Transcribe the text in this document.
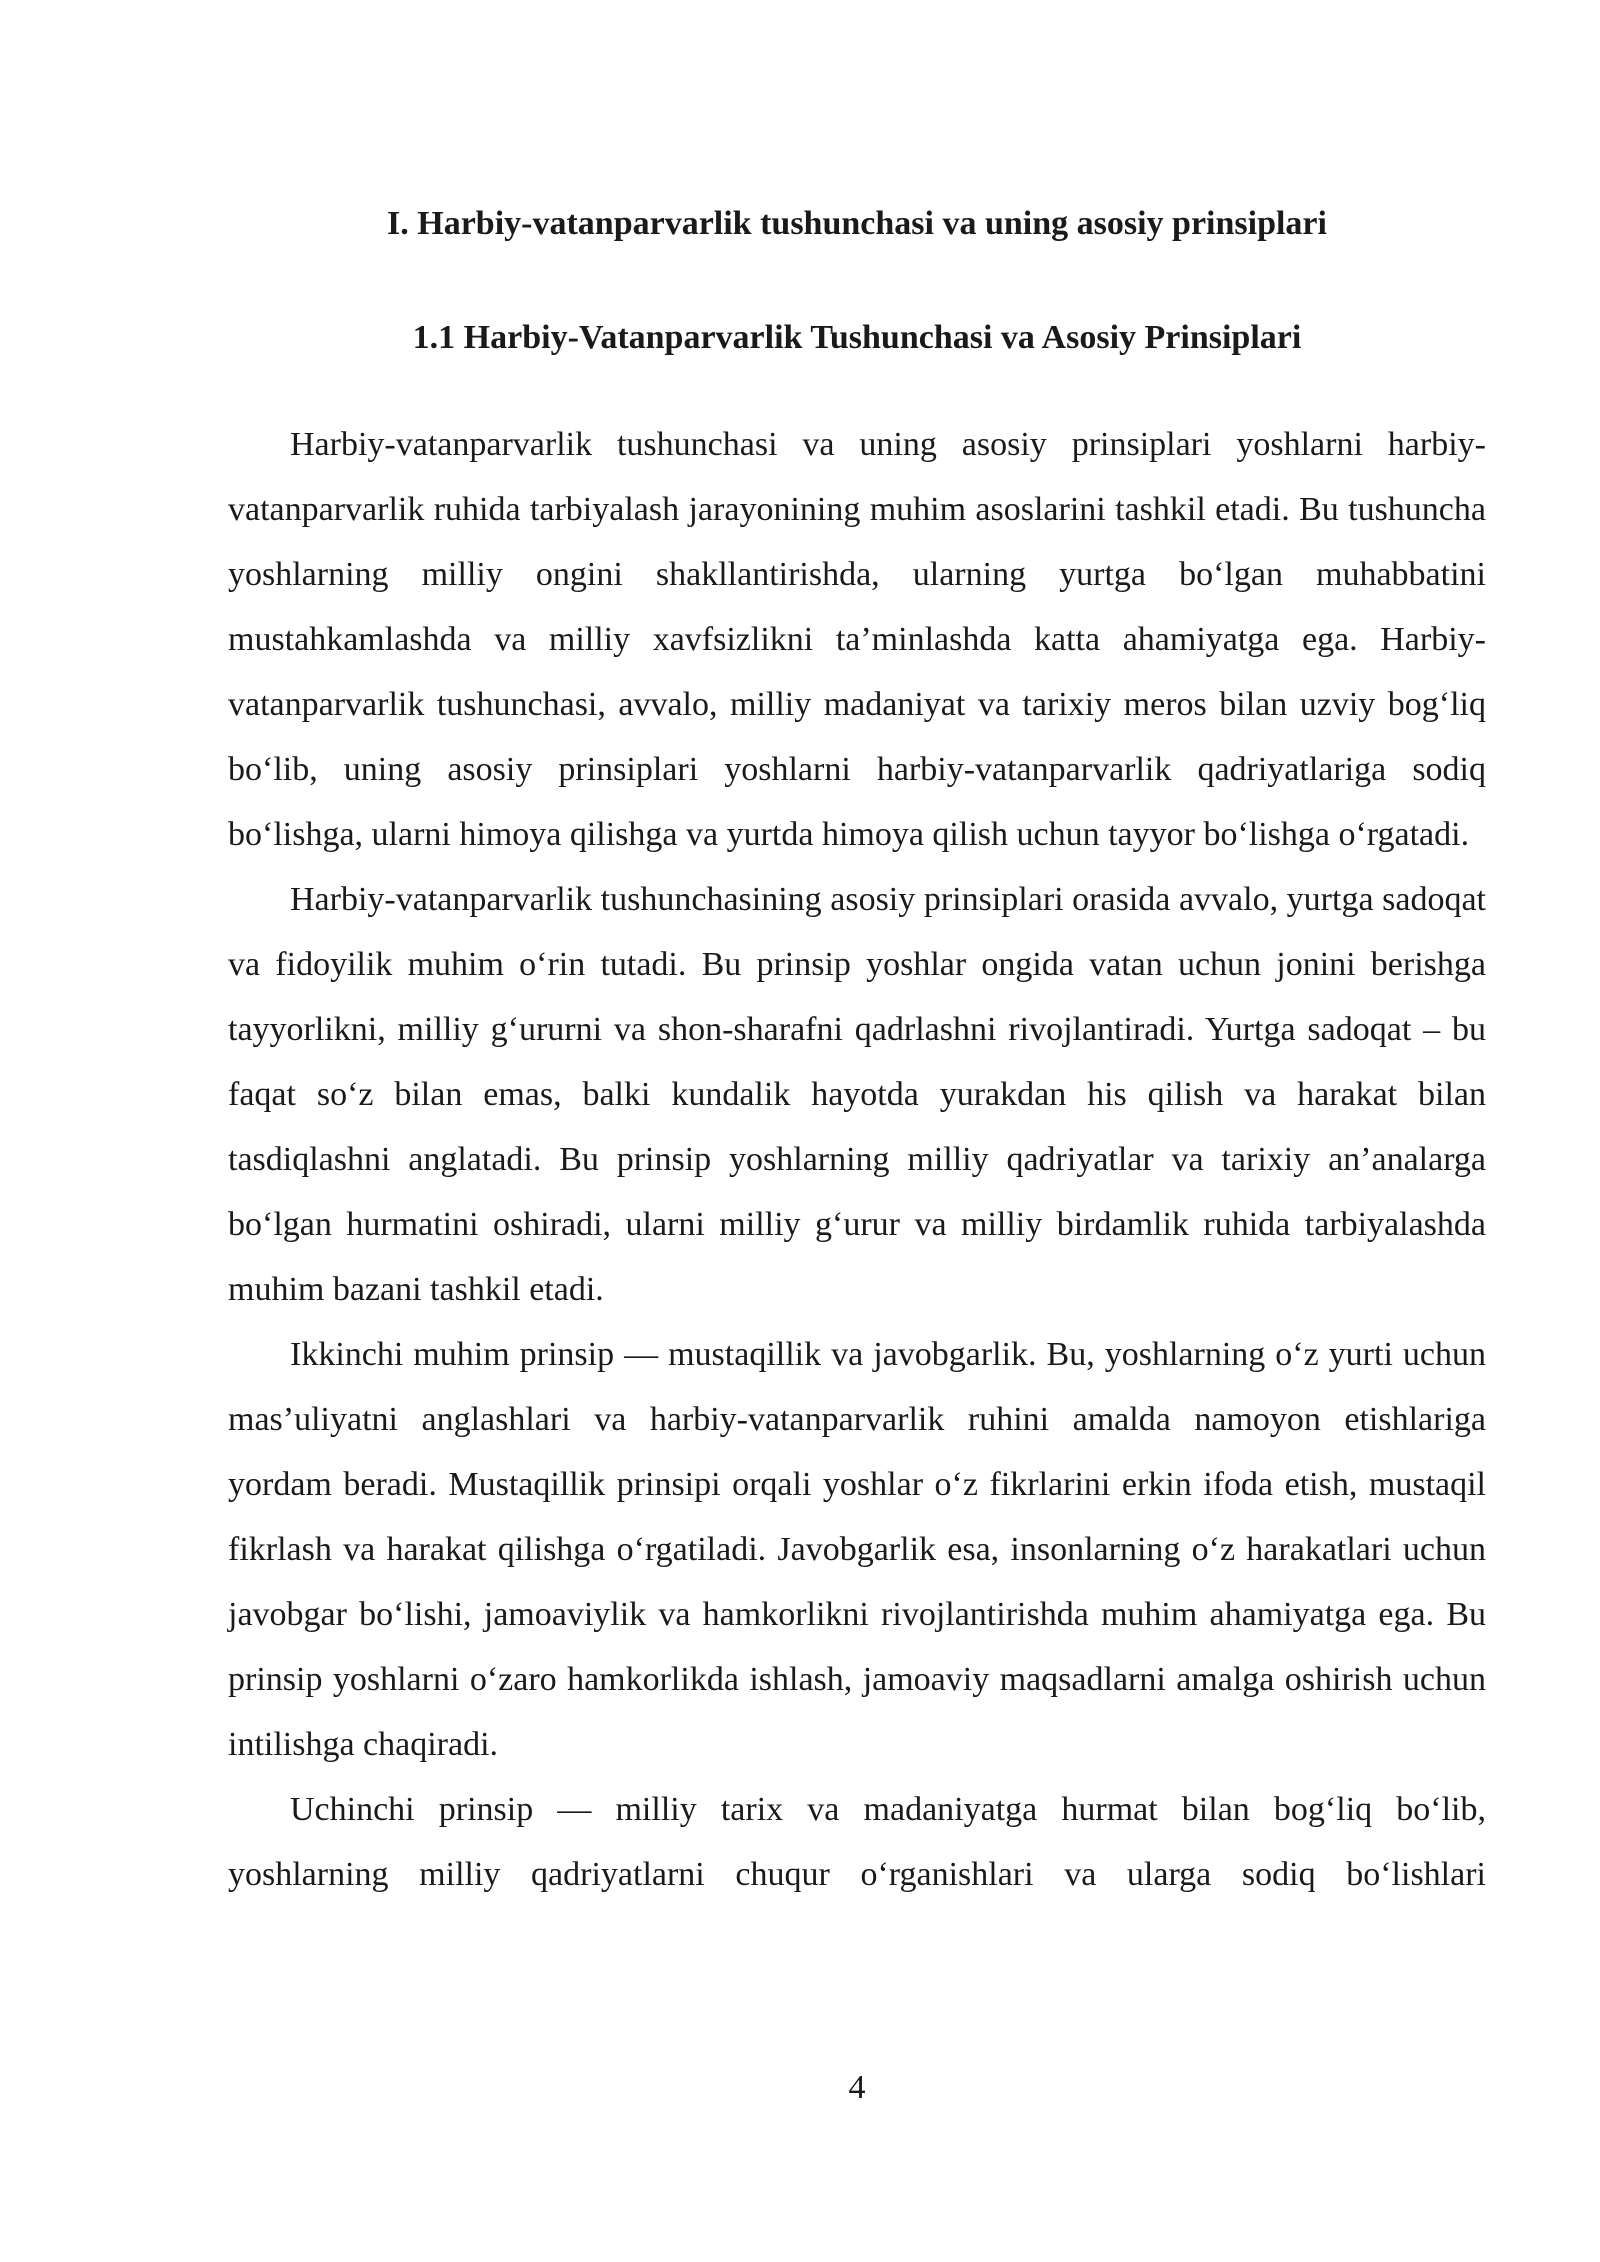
I. Harbiy-vatanparvarlik tushunchasi va uning asosiy prinsiplari
1.1 Harbiy-Vatanparvarlik Tushunchasi va Asosiy Prinsiplari

Harbiy-vatanparvarlik tushunchasi va uning asosiy prinsiplari yoshlarni harbiy-vatanparvarlik ruhida tarbiyalash jarayonining muhim asoslarini tashkil etadi. Bu tushuncha yoshlarning milliy ongini shakllantirishda, ularning yurtga bo‘lgan muhabbatini mustahkamlashda va milliy xavfsizlikni ta’minlashda katta ahamiyatga ega. Harbiy-vatanparvarlik tushunchasi, avvalo, milliy madaniyat va tarixiy meros bilan uzviy bog‘liq bo‘lib, uning asosiy prinsiplari yoshlarni harbiy-vatanparvarlik qadriyatlariga sodiq bo‘lishga, ularni himoya qilishga va yurtda himoya qilish uchun tayyor bo‘lishga o‘rgatadi.

Harbiy-vatanparvarlik tushunchasining asosiy prinsiplari orasida avvalo, yurtga sadoqat va fidoyilik muhim o‘rin tutadi. Bu prinsip yoshlar ongida vatan uchun jonini berishga tayyorlikni, milliy g‘ururni va shon-sharafni qadrlashni rivojlantiradi. Yurtga sadoqat – bu faqat so‘z bilan emas, balki kundalik hayotda yurakdan his qilish va harakat bilan tasdiqlashni anglatadi. Bu prinsip yoshlarning milliy qadriyatlar va tarixiy an’analarga bo‘lgan hurmatini oshiradi, ularni milliy g‘urur va milliy birdamlik ruhida tarbiyalashda muhim bazani tashkil etadi.

Ikkinchi muhim prinsip — mustaqillik va javobgarlik. Bu, yoshlarning o‘z yurti uchun mas’uliyatni anglashlari va harbiy-vatanparvarlik ruhini amalda namoyon etishlariga yordam beradi. Mustaqillik prinsipi orqali yoshlar o‘z fikrlarini erkin ifoda etish, mustaqil fikrlash va harakat qilishga o‘rgatiladi. Javobgarlik esa, insonlarning o‘z harakatlari uchun javobgar bo‘lishi, jamoaviylik va hamkorlikni rivojlantirishda muhim ahamiyatga ega. Bu prinsip yoshlarni o‘zaro hamkorlikda ishlash, jamoaviy maqsadlarni amalga oshirish uchun intilishga chaqiradi.

Uchinchi prinsip — milliy tarix va madaniyatga hurmat bilan bog‘liq bo‘lib, yoshlarning milliy qadriyatlarni chuqur o‘rganishlari va ularga sodiq bo‘lishlari

4
